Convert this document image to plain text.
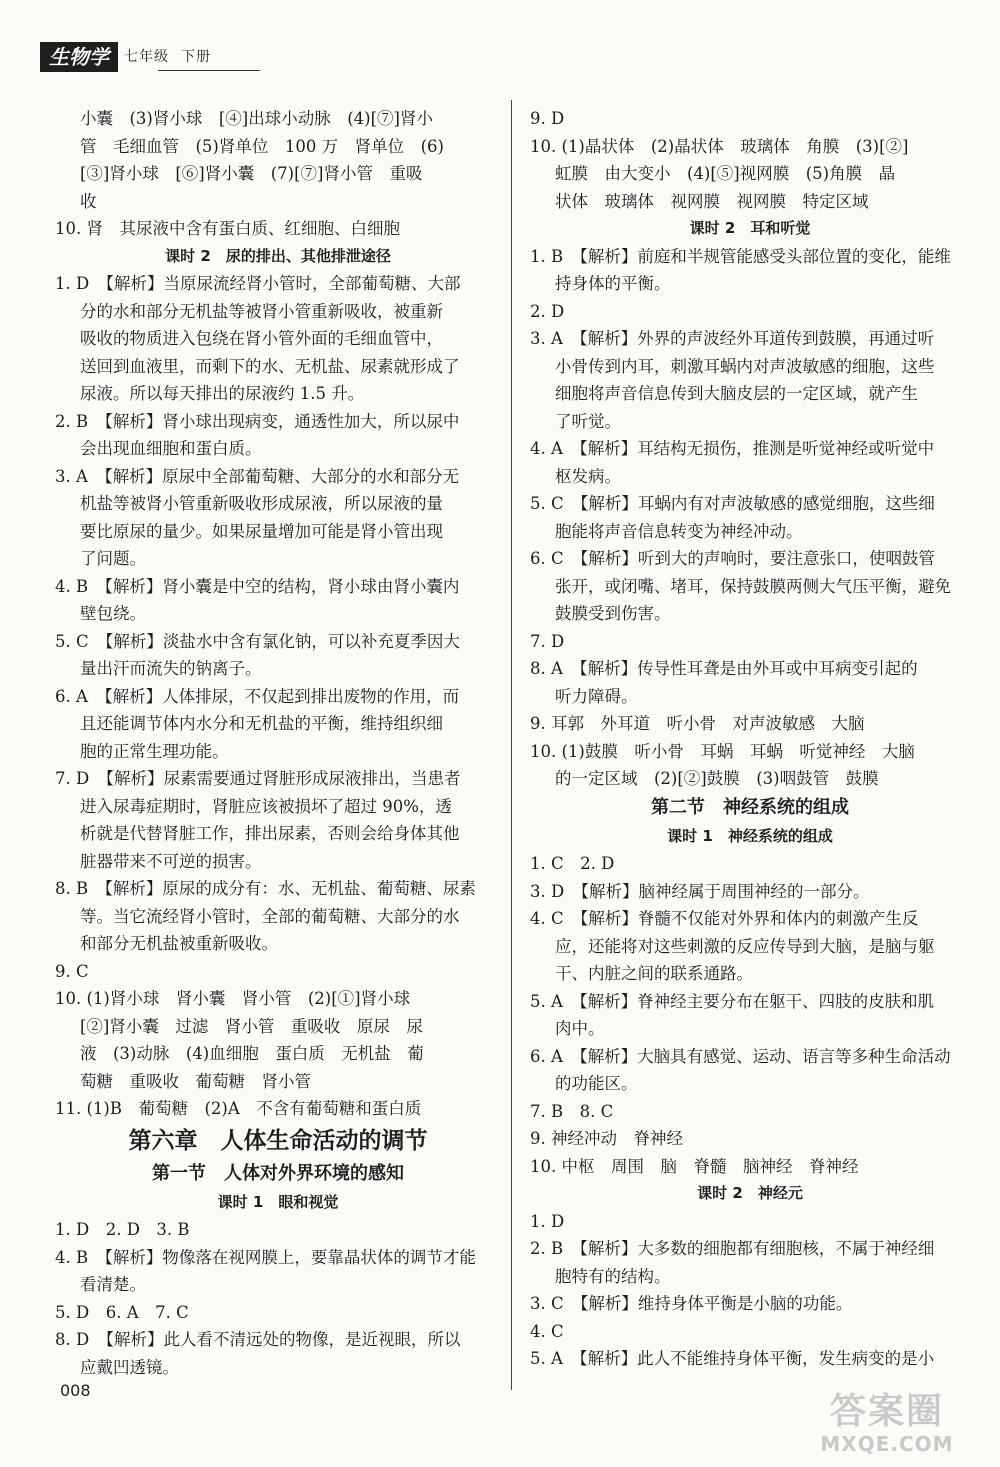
生物学	七年级 下册
小囊　(3)肾小球　[④]出球小动脉　(4)[⑦]肾小
管　毛细血管　(5)肾单位　100 万　肾单位　(6)
[③]肾小球　[⑥]肾小囊　(7)[⑦]肾小管　重吸
收
10. 肾　其尿液中含有蛋白质、红细胞、白细胞
课时 2　尿的排出、其他排泄途径
1. D　【解析】当原尿流经肾小管时，全部葡萄糖、大部
分的水和部分无机盐等被肾小管重新吸收，被重新
吸收的物质进入包绕在肾小管外面的毛细血管中，
送回到血液里，而剩下的水、无机盐、尿素就形成了
尿液。所以每天排出的尿液约 1.5 升。
2. B　【解析】肾小球出现病变，通透性加大，所以尿中
会出现血细胞和蛋白质。
3. A　【解析】原尿中全部葡萄糖、大部分的水和部分无
机盐等被肾小管重新吸收形成尿液，所以尿液的量
要比原尿的量少。如果尿量增加可能是肾小管出现
了问题。
4. B　【解析】肾小囊是中空的结构，肾小球由肾小囊内
壁包绕。
5. C　【解析】淡盐水中含有氯化钠，可以补充夏季因大
量出汗而流失的钠离子。
6. A　【解析】人体排尿，不仅起到排出废物的作用，而
且还能调节体内水分和无机盐的平衡，维持组织细
胞的正常生理功能。
7. D　【解析】尿素需要通过肾脏形成尿液排出，当患者
进入尿毒症期时，肾脏应该被损坏了超过 90%，透
析就是代替肾脏工作，排出尿素，否则会给身体其他
脏器带来不可逆的损害。
8. B　【解析】原尿的成分有：水、无机盐、葡萄糖、尿素
等。当它流经肾小管时，全部的葡萄糖、大部分的水
和部分无机盐被重新吸收。
9. C
10. (1)肾小球　肾小囊　肾小管　(2)[①]肾小球
[②]肾小囊　过滤　肾小管　重吸收　原尿　尿
液　(3)动脉　(4)血细胞　蛋白质　无机盐　葡
萄糖　重吸收　葡萄糖　肾小管
11. (1)B　葡萄糖　(2)A　不含有葡萄糖和蛋白质
第六章　人体生命活动的调节
第一节　人体对外界环境的感知
课时 1　眼和视觉
1. D　2. D　3. B
4. B　【解析】物像落在视网膜上，要靠晶状体的调节才能
看清楚。
5. D　6. A　7. C
8. D　【解析】此人看不清远处的物像，是近视眼，所以
应戴凹透镜。
9. D
10. (1)晶状体　(2)晶状体　玻璃体　角膜　(3)[②]
虹膜　由大变小　(4)[⑤]视网膜　(5)角膜　晶
状体　玻璃体　视网膜　视网膜　特定区域
课时 2　耳和听觉
1. B　【解析】前庭和半规管能感受头部位置的变化，能维
持身体的平衡。
2. D
3. A　【解析】外界的声波经外耳道传到鼓膜，再通过听
小骨传到内耳，刺激耳蜗内对声波敏感的细胞，这些
细胞将声音信息传到大脑皮层的一定区域，就产生
了听觉。
4. A　【解析】耳结构无损伤，推测是听觉神经或听觉中
枢发病。
5. C　【解析】耳蜗内有对声波敏感的感觉细胞，这些细
胞能将声音信息转变为神经冲动。
6. C　【解析】听到大的声响时，要注意张口，使咽鼓管
张开，或闭嘴、堵耳，保持鼓膜两侧大气压平衡，避免
鼓膜受到伤害。
7. D
8. A　【解析】传导性耳聋是由外耳或中耳病变引起的
听力障碍。
9. 耳郭　外耳道　听小骨　对声波敏感　大脑
10. (1)鼓膜　听小骨　耳蜗　耳蜗　听觉神经　大脑
的一定区域　(2)[②]鼓膜　(3)咽鼓管　鼓膜
第二节　神经系统的组成
课时 1　神经系统的组成
1. C　2. D
3. D　【解析】脑神经属于周围神经的一部分。
4. C　【解析】脊髓不仅能对外界和体内的刺激产生反
应，还能将对这些刺激的反应传导到大脑，是脑与躯
干、内脏之间的联系通路。
5. A　【解析】脊神经主要分布在躯干、四肢的皮肤和肌
肉中。
6. A　【解析】大脑具有感觉、运动、语言等多种生命活动
的功能区。
7. B　8. C
9. 神经冲动　脊神经
10. 中枢　周围　脑　脊髓　脑神经　脊神经
课时 2　神经元
1. D
2. B　【解析】大多数的细胞都有细胞核，不属于神经细
胞特有的结构。
3. C　【解析】维持身体平衡是小脑的功能。
4. C
5. A　【解析】此人不能维持身体平衡，发生病变的是小
008
答案圈
MXQE.COM
